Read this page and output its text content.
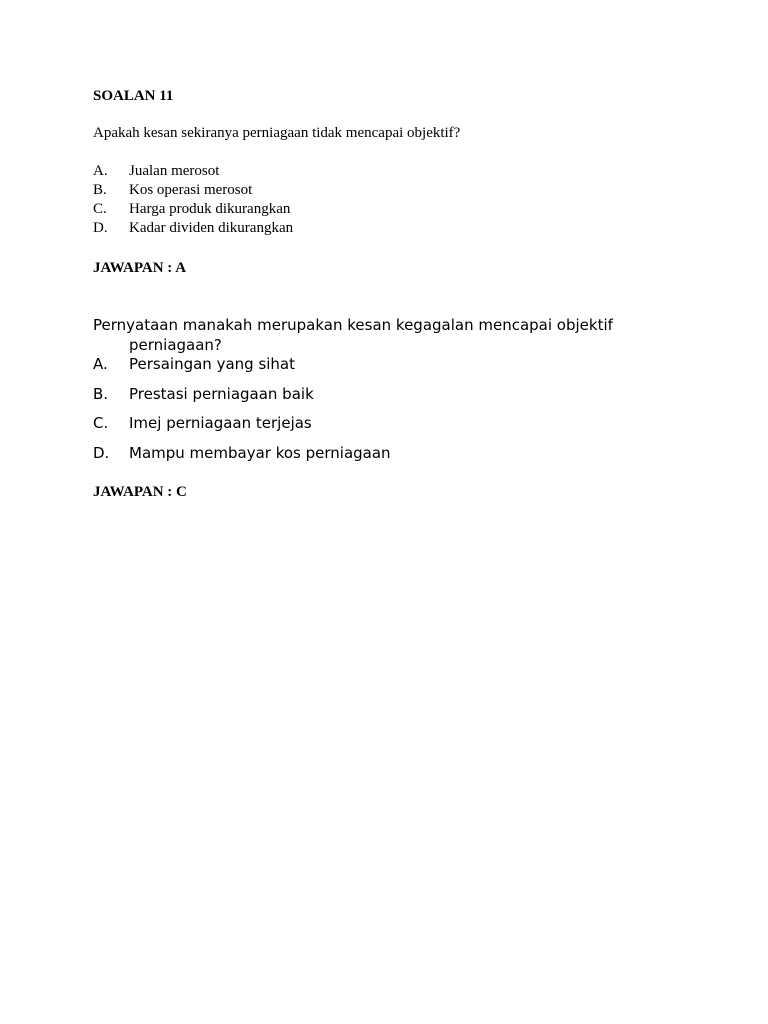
SOALAN 11
Apakah kesan sekiranya perniagaan tidak mencapai objektif?
A. Jualan merosot
B. Kos operasi merosot
C. Harga produk dikurangkan
D. Kadar dividen dikurangkan
JAWAPAN : A
Pernyataan manakah merupakan kesan kegagalan mencapai objektif
perniagaan?
A. Persaingan yang sihat
B. Prestasi perniagaan baik
C. Imej perniagaan terjejas
D. Mampu membayar kos perniagaan
JAWAPAN : C
